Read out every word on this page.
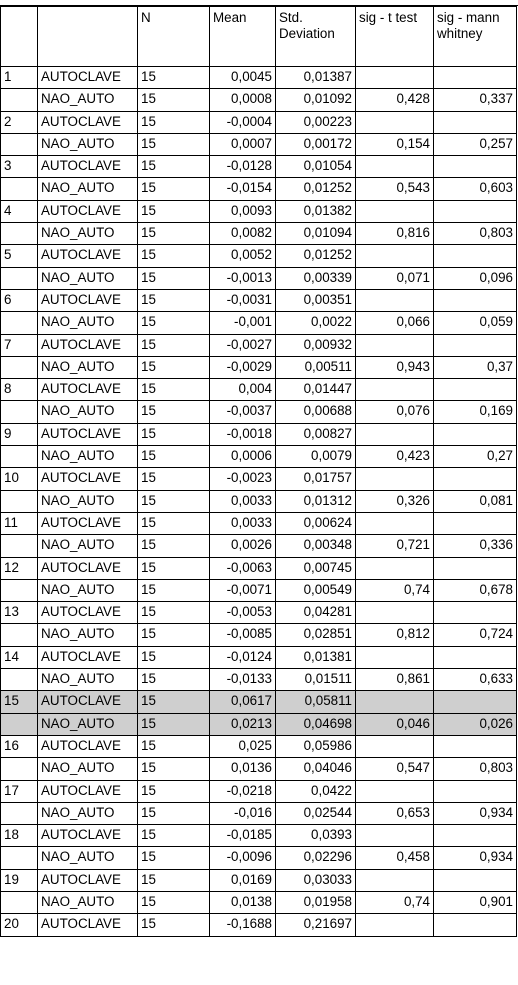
		N	Mean	Std. Deviation	sig - t test	sig - mann whitney
1	AUTOCLAVE	15	0,0045	0,01387		
	NAO_AUTO	15	0,0008	0,01092	0,428	0,337
2	AUTOCLAVE	15	-0,0004	0,00223		
	NAO_AUTO	15	0,0007	0,00172	0,154	0,257
3	AUTOCLAVE	15	-0,0128	0,01054		
	NAO_AUTO	15	-0,0154	0,01252	0,543	0,603
4	AUTOCLAVE	15	0,0093	0,01382		
	NAO_AUTO	15	0,0082	0,01094	0,816	0,803
5	AUTOCLAVE	15	0,0052	0,01252		
	NAO_AUTO	15	-0,0013	0,00339	0,071	0,096
6	AUTOCLAVE	15	-0,0031	0,00351		
	NAO_AUTO	15	-0,001	0,0022	0,066	0,059
7	AUTOCLAVE	15	-0,0027	0,00932		
	NAO_AUTO	15	-0,0029	0,00511	0,943	0,37
8	AUTOCLAVE	15	0,004	0,01447		
	NAO_AUTO	15	-0,0037	0,00688	0,076	0,169
9	AUTOCLAVE	15	-0,0018	0,00827		
	NAO_AUTO	15	0,0006	0,0079	0,423	0,27
10	AUTOCLAVE	15	-0,0023	0,01757		
	NAO_AUTO	15	0,0033	0,01312	0,326	0,081
11	AUTOCLAVE	15	0,0033	0,00624		
	NAO_AUTO	15	0,0026	0,00348	0,721	0,336
12	AUTOCLAVE	15	-0,0063	0,00745		
	NAO_AUTO	15	-0,0071	0,00549	0,74	0,678
13	AUTOCLAVE	15	-0,0053	0,04281		
	NAO_AUTO	15	-0,0085	0,02851	0,812	0,724
14	AUTOCLAVE	15	-0,0124	0,01381		
	NAO_AUTO	15	-0,0133	0,01511	0,861	0,633
15	AUTOCLAVE	15	0,0617	0,05811		
	NAO_AUTO	15	0,0213	0,04698	0,046	0,026
16	AUTOCLAVE	15	0,025	0,05986		
	NAO_AUTO	15	0,0136	0,04046	0,547	0,803
17	AUTOCLAVE	15	-0,0218	0,0422		
	NAO_AUTO	15	-0,016	0,02544	0,653	0,934
18	AUTOCLAVE	15	-0,0185	0,0393		
	NAO_AUTO	15	-0,0096	0,02296	0,458	0,934
19	AUTOCLAVE	15	0,0169	0,03033		
	NAO_AUTO	15	0,0138	0,01958	0,74	0,901
20	AUTOCLAVE	15	-0,1688	0,21697		
